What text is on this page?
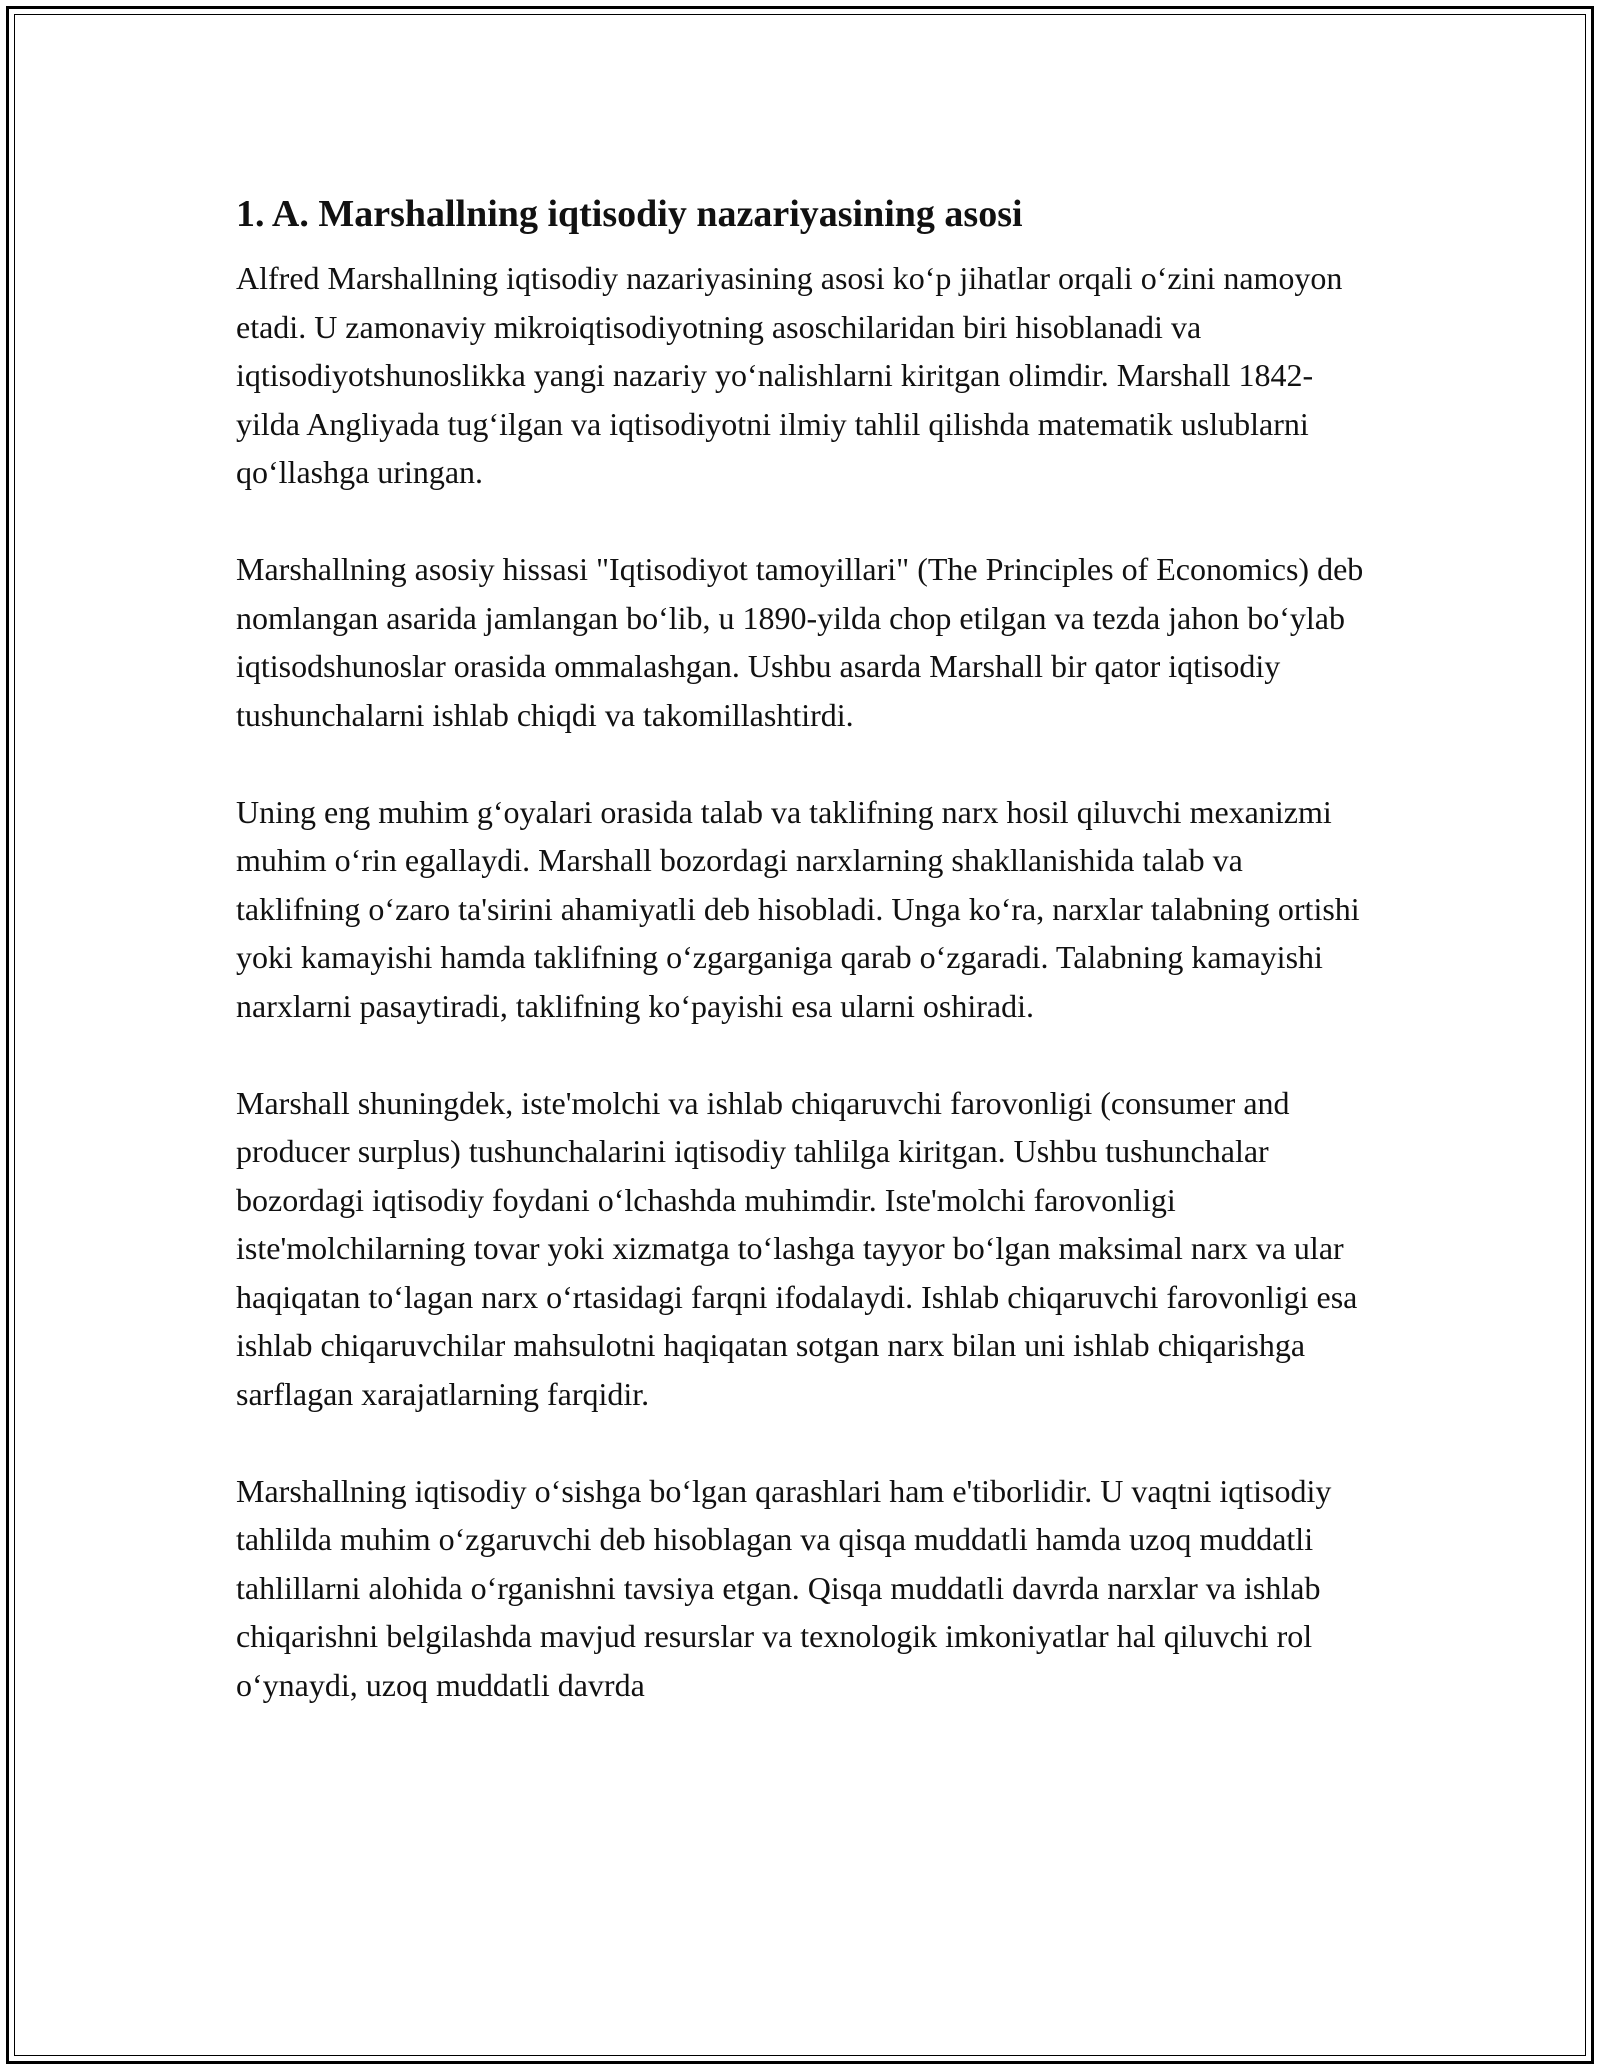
1. A. Marshallning iqtisodiy nazariyasining asosi

Alfred Marshallning iqtisodiy nazariyasining asosi koʻp jihatlar orqali oʻzini namoyon etadi. U zamonaviy mikroiqtisodiyotning asoschilaridan biri hisoblanadi va iqtisodiyotshunoslikka yangi nazariy yoʻnalishlarni kiritgan olimdir. Marshall 1842-yilda Angliyada tugʻilgan va iqtisodiyotni ilmiy tahlil qilishda matematik uslublarni qoʻllashga uringan.

Marshallning asosiy hissasi "Iqtisodiyot tamoyillari" (The Principles of Economics) deb nomlangan asarida jamlangan boʻlib, u 1890-yilda chop etilgan va tezda jahon boʻylab iqtisodshunoslar orasida ommalashgan. Ushbu asarda Marshall bir qator iqtisodiy tushunchalarni ishlab chiqdi va takomillashtirdi.

Uning eng muhim gʻoyalari orasida talab va taklifning narx hosil qiluvchi mexanizmi muhim oʻrin egallaydi. Marshall bozordagi narxlarning shakllanishida talab va taklifning oʻzaro ta'sirini ahamiyatli deb hisobladi. Unga koʻra, narxlar talabning ortishi yoki kamayishi hamda taklifning oʻzgarganiga qarab oʻzgaradi. Talabning kamayishi narxlarni pasaytiradi, taklifning koʻpayishi esa ularni oshiradi.

Marshall shuningdek, iste'molchi va ishlab chiqaruvchi farovonligi (consumer and producer surplus) tushunchalarini iqtisodiy tahlilga kiritgan. Ushbu tushunchalar bozordagi iqtisodiy foydani oʻlchashda muhimdir. Iste'molchi farovonligi iste'molchilarning tovar yoki xizmatga toʻlashga tayyor boʻlgan maksimal narx va ular haqiqatan toʻlagan narx oʻrtasidagi farqni ifodalaydi. Ishlab chiqaruvchi farovonligi esa ishlab chiqaruvchilar mahsulotni haqiqatan sotgan narx bilan uni ishlab chiqarishga sarflagan xarajatlarning farqidir.

Marshallning iqtisodiy oʻsishga boʻlgan qarashlari ham e'tiborlidir. U vaqtni iqtisodiy tahlilda muhim oʻzgaruvchi deb hisoblagan va qisqa muddatli hamda uzoq muddatli tahlillarni alohida oʻrganishni tavsiya etgan. Qisqa muddatli davrda narxlar va ishlab chiqarishni belgilashda mavjud resurslar va texnologik imkoniyatlar hal qiluvchi rol oʻynaydi, uzoq muddatli davrda
